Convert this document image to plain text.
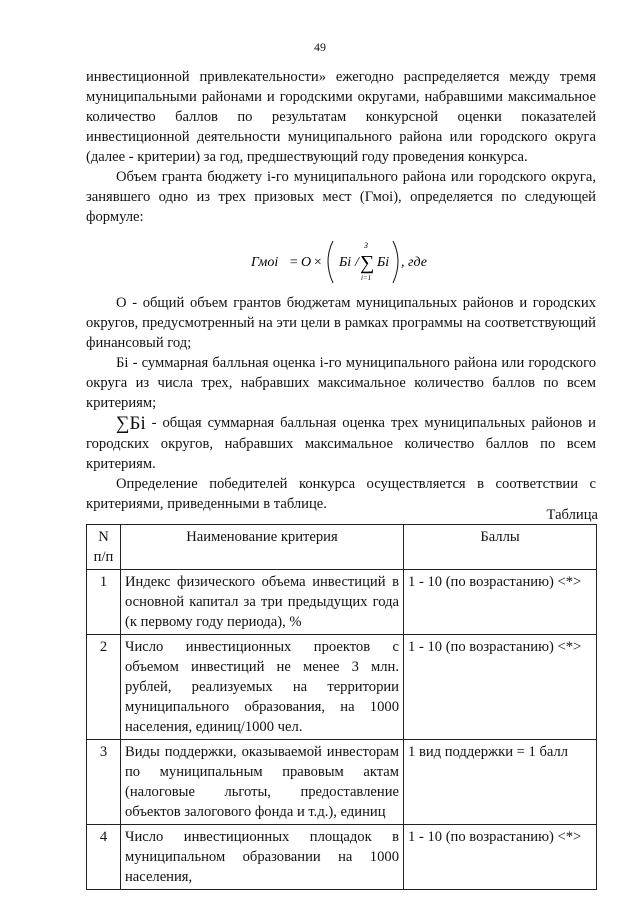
49

инвестиционной привлекательности» ежегодно распределяется между тремя муниципальными районами и городскими округами, набравшими максимальное количество баллов по результатам конкурсной оценки показателей инвестиционной деятельности муниципального района или городского округа (далее - критерии) за год, предшествующий году проведения конкурса.

Объем гранта бюджету i-го муниципального района или городского округа, занявшего одно из трех призовых мест (Гмоi), определяется по следующей формуле:

Гмоi = О × Бi / ∑
3
i=1
Бi , где

О - общий объем грантов бюджетам муниципальных районов и городских округов, предусмотренный на эти цели в рамках программы на соответствующий финансовый год;

Бi - суммарная балльная оценка i-го муниципального района или городского округа из числа трех, набравших максимальное количество баллов по всем критериям;

∑Бi - общая суммарная балльная оценка трех муниципальных районов и городских округов, набравших максимальное количество баллов по всем критериям.

Определение победителей конкурса осуществляется в соответствии с критериями, приведенными в таблице.

Таблица
N п/п	Наименование критерия	Баллы
1	Индекс физического объема инвестиций в основной капитал за три предыдущих года (к первому году периода), %	1 - 10 (по возрастанию) <*>
2	Число инвестиционных проектов с объемом инвестиций не менее 3 млн. рублей, реализуемых на территории муниципального образования, на 1000 населения, единиц/1000 чел.	1 - 10 (по возрастанию) <*>
3	Виды поддержки, оказываемой инвесторам по муниципальным правовым актам (налоговые льготы, предоставление объектов залогового фонда и т.д.), единиц	1 вид поддержки = 1 балл
4	Число инвестиционных площадок в муниципальном образовании на 1000 населения,	1 - 10 (по возрастанию) <*>
